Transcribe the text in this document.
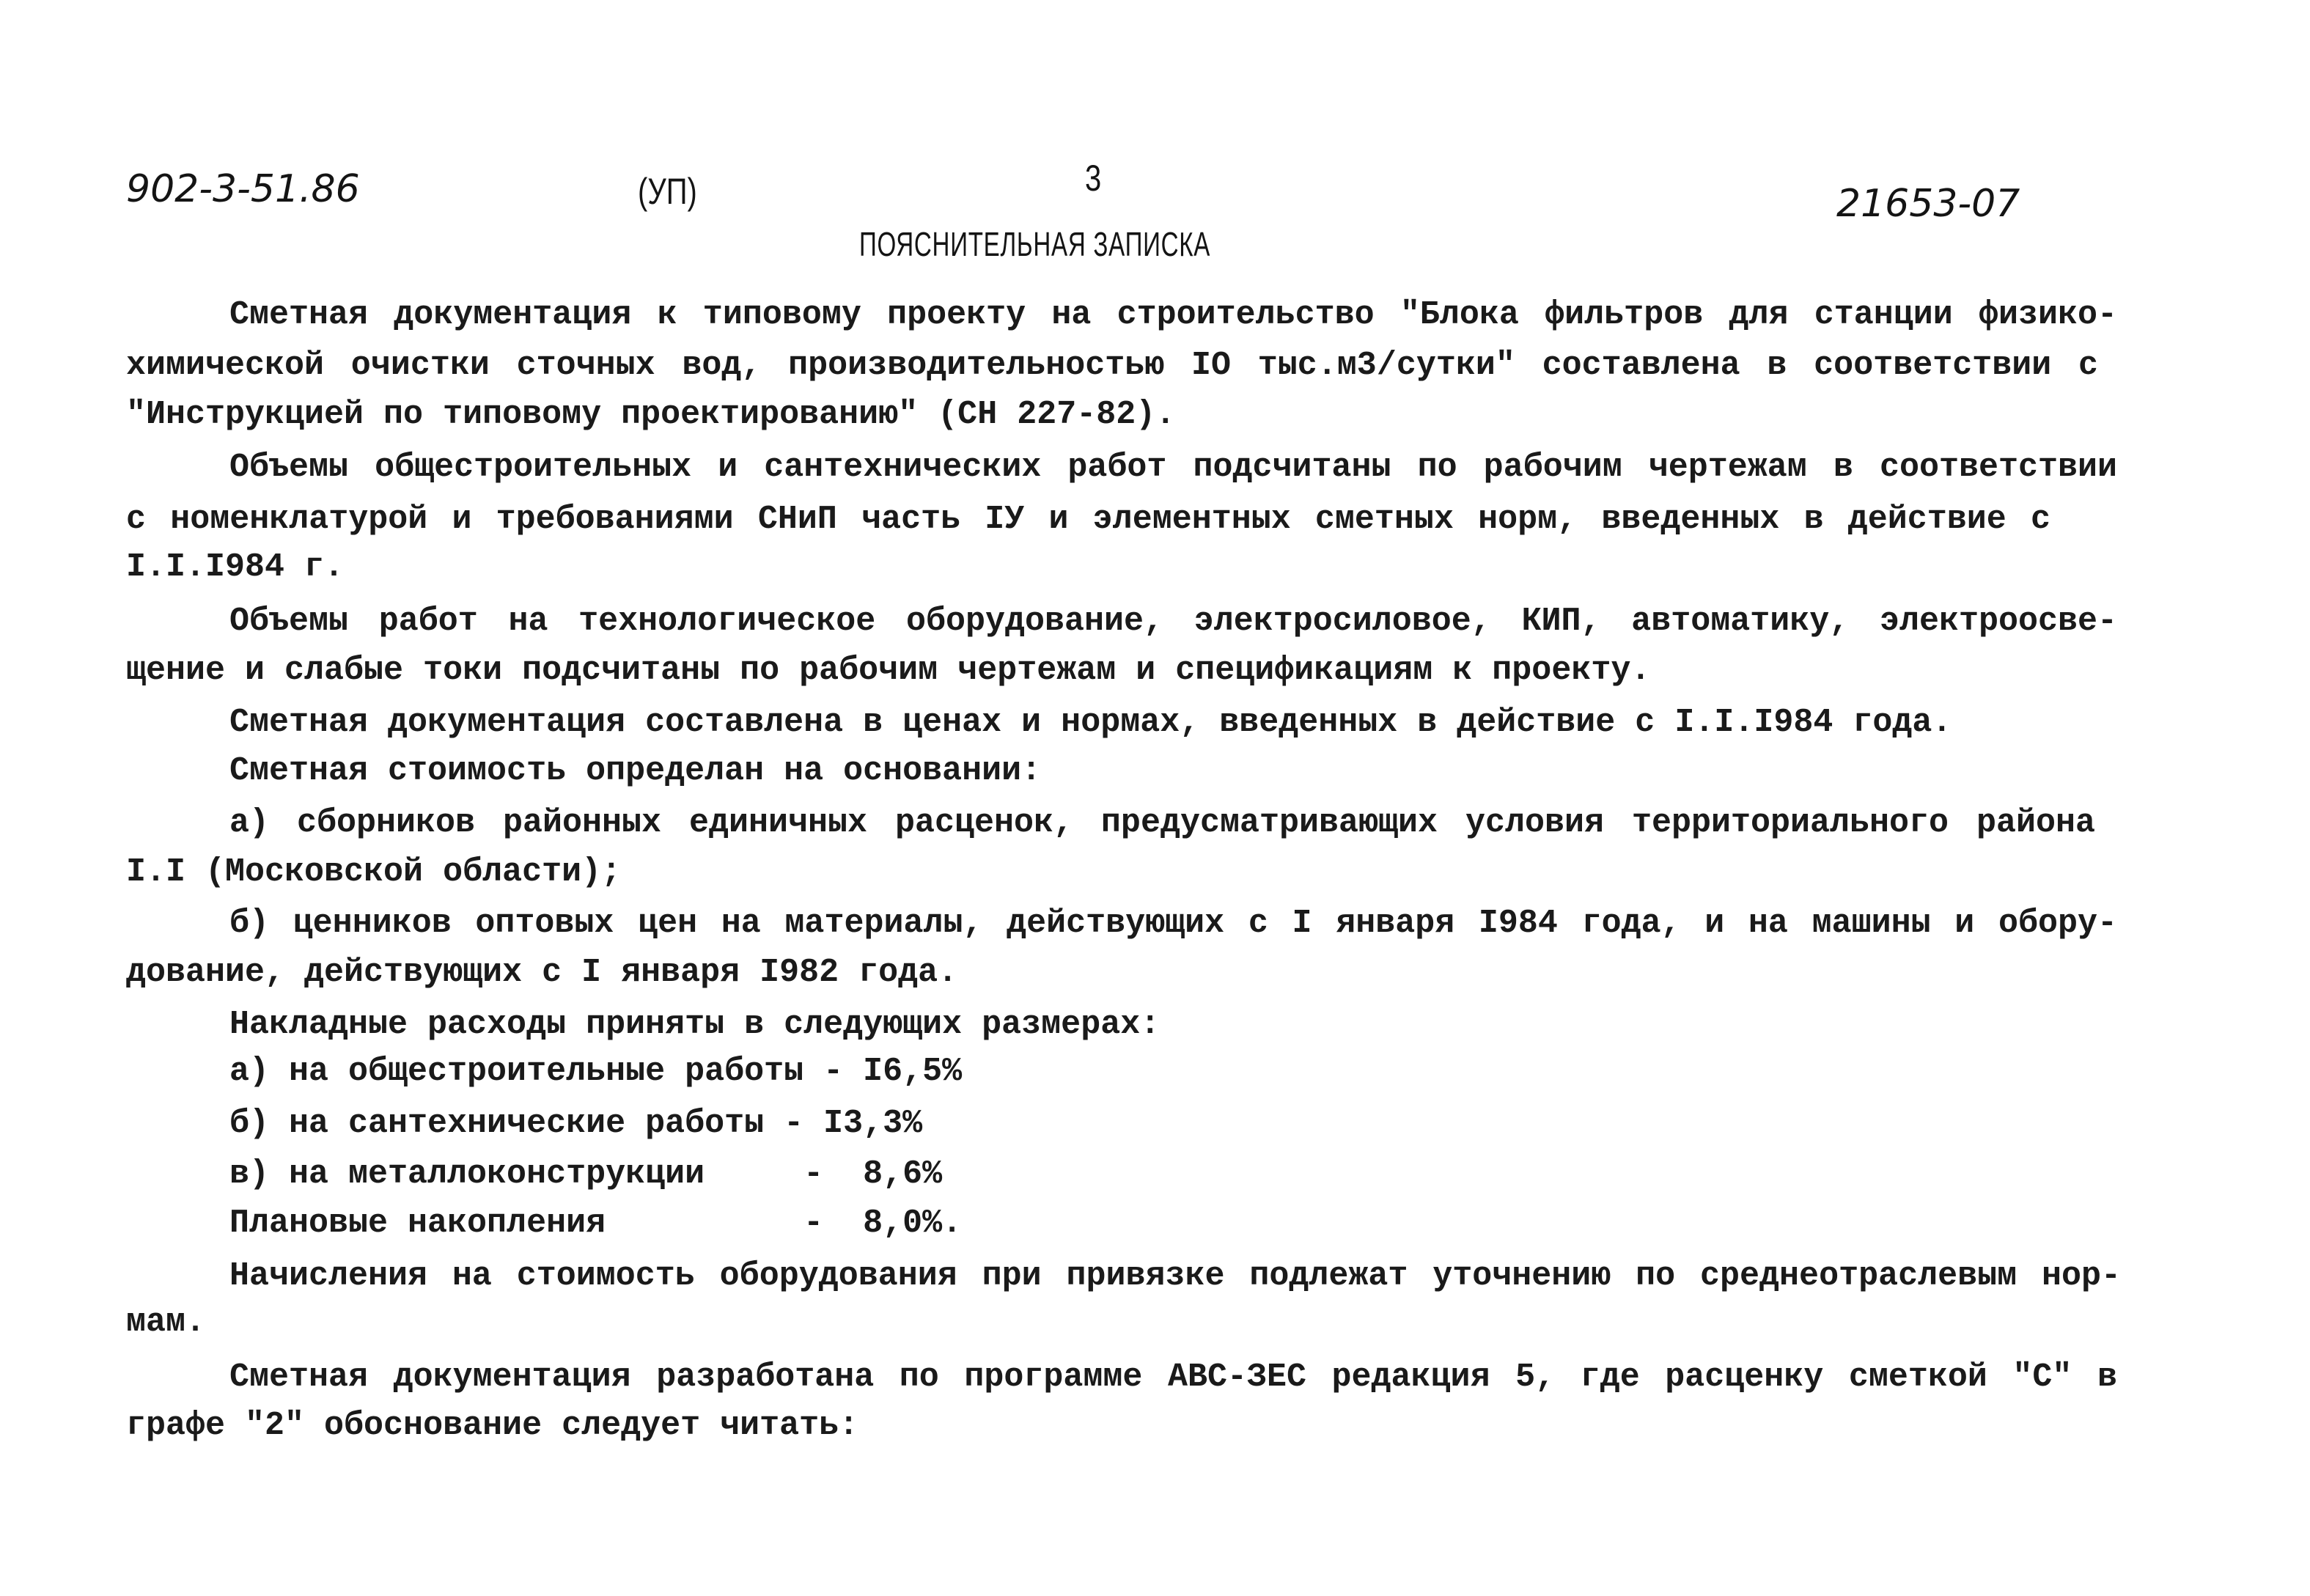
902-3-51.86	(УП)	3
21653-07
ПОЯСНИТЕЛЬНАЯ ЗАПИСКА
Сметная документация к типовому проекту на строительство "Блока фильтров для станции физико-
химической очистки сточных вод, производительностью IO тыс.м3/сутки" составлена в соответствии с
"Инструкцией по типовому проектированию" (СН 227-82).
Объемы общестроительных и сантехнических работ подсчитаны по рабочим чертежам в соответствии
с номенклатурой и требованиями СНиП часть IУ и элементных сметных норм, введенных в действие с
I.I.I984 г.
Объемы работ на технологическое оборудование, электросиловое, КИП, автоматику, электроосве-
щение и слабые токи подсчитаны по рабочим чертежам и спецификациям к проекту.
Сметная документация составлена в ценах и нормах, введенных в действие с I.I.I984 года.
Сметная стоимость определан на основании:
а) сборников районных единичных расценок, предусматривающих условия территориального района
I.I (Московской области);
б) ценников оптовых цен на материалы, действующих с I января I984 года, и на машины и обору-
дование, действующих с I января I982 года.
Накладные расходы приняты в следующих размерах:
а) на общестроительные работы - I6,5%
б) на сантехнические работы - I3,3%
в) на металлоконструкции     -  8,6%
Плановые накопления          -  8,0%.
Начисления на стоимость оборудования при привязке подлежат уточнению по среднеотраслевым нор-
мам.
Сметная документация разработана по программе АВС-ЗЕС редакция 5, где расценку сметкой "С" в
графе "2" обоснование следует читать:
